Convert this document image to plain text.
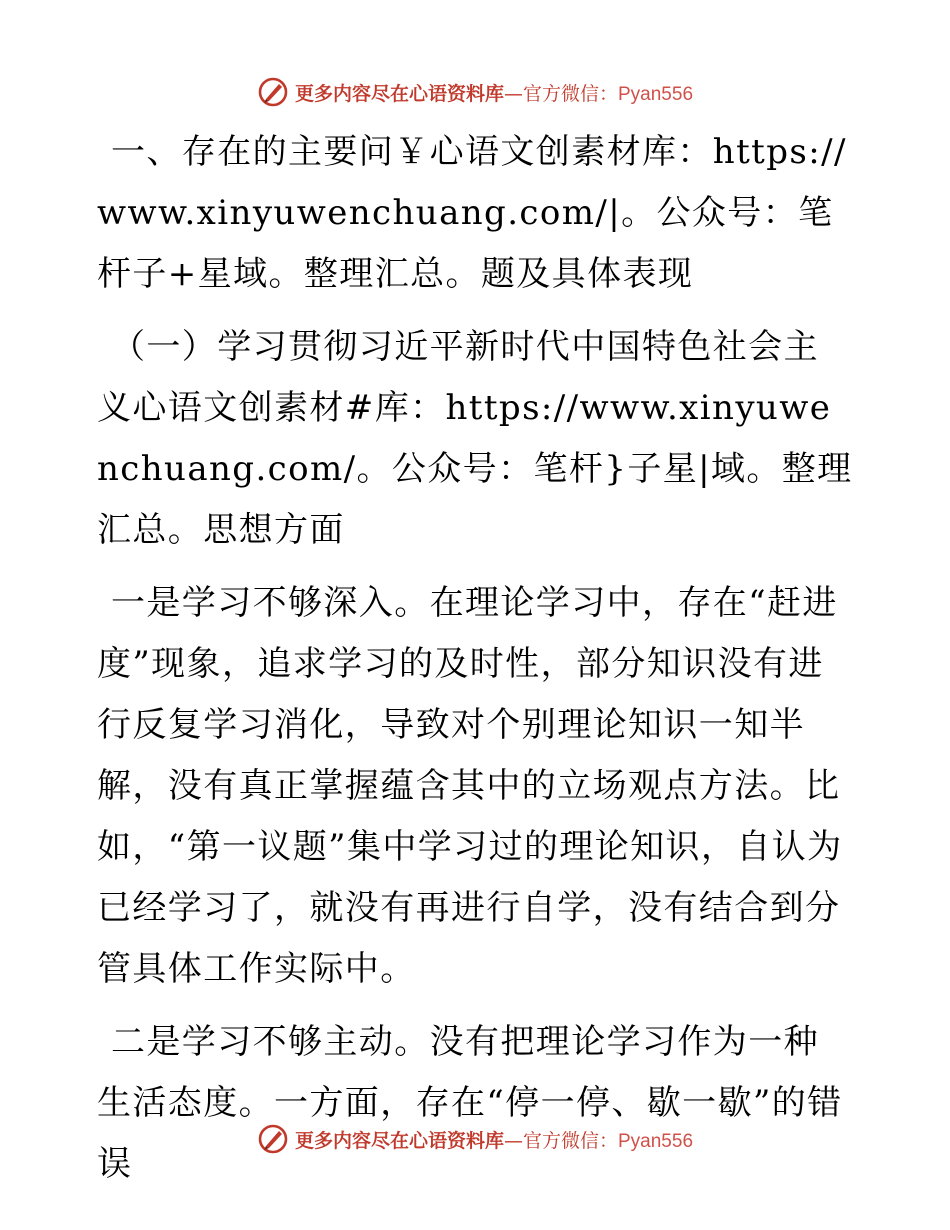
更多内容尽在心语资料库—官方微信：Pyan556

一、存在的主要问￥心语文创素材库：https://www.xinyuwenchuang.com/|。公众号：笔杆子+星域。整理汇总。题及具体表现

（一）学习贯彻习近平新时代中国特色社会主义心语文创素材#库：https://www.xinyuwenchuang.com/。公众号：笔杆}子星|域。整理汇总。思想方面

一是学习不够深入。在理论学习中，存在“赶进度”现象，追求学习的及时性，部分知识没有进行反复学习消化，导致对个别理论知识一知半解，没有真正掌握蕴含其中的立场观点方法。比如，“第一议题”集中学习过的理论知识，自认为已经学习了，就没有再进行自学，没有结合到分管具体工作实际中。

二是学习不够主动。没有把理论学习作为一种生活态度。一方面，存在“停一停、歇一歇”的错误

更多内容尽在心语资料库—官方微信：Pyan556
